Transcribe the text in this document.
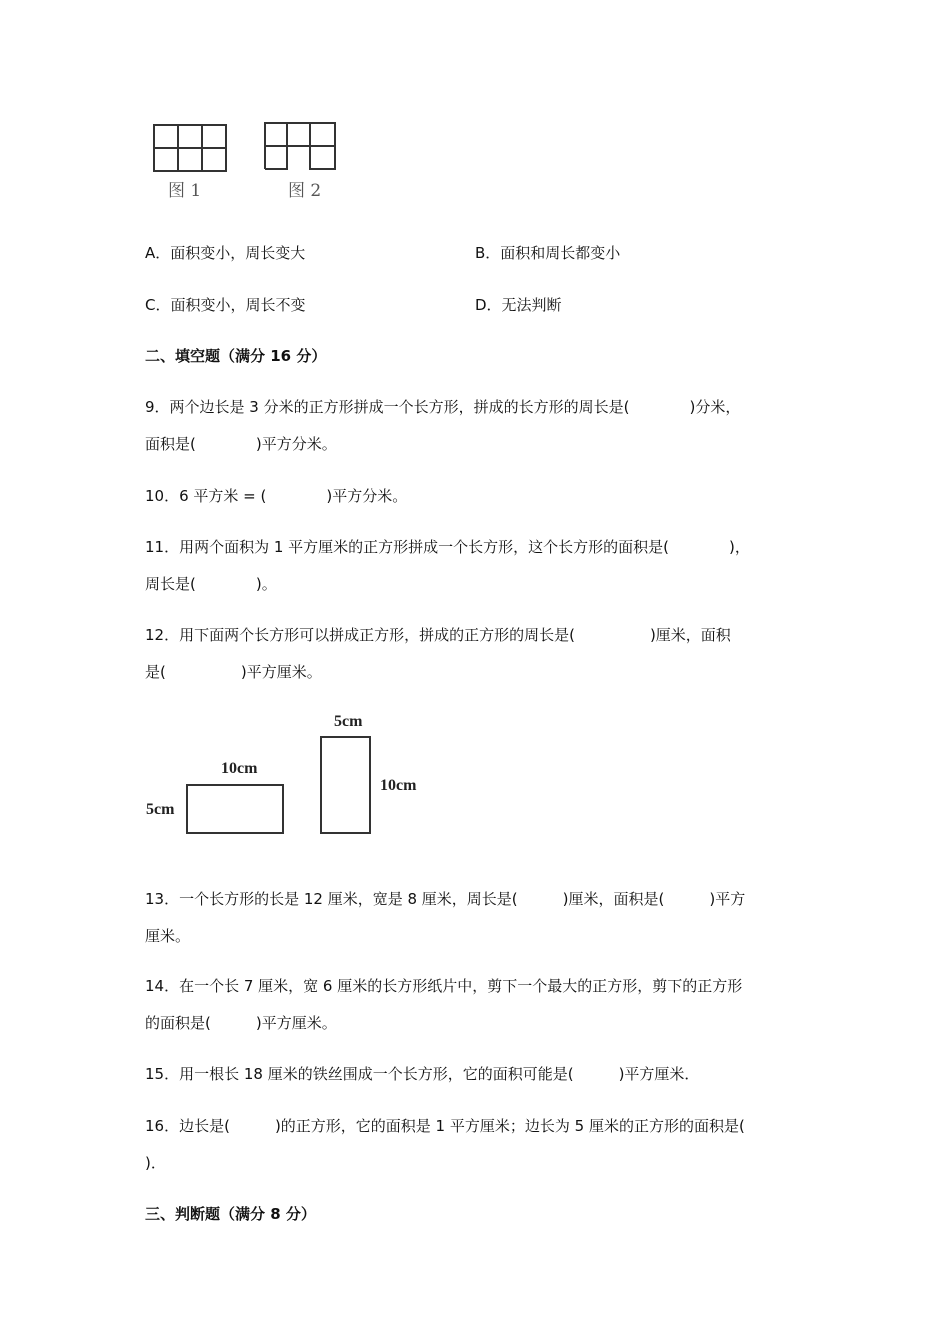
图 1	图 2
A．面积变小，周长变大	B．面积和周长都变小
C．面积变小，周长不变	D．无法判断
二、填空题（满分 16 分）
9．两个边长是 3 分米的正方形拼成一个长方形，拼成的长方形的周长是(　　　　)分米，
面积是(　　　　)平方分米。
10．6 平方米 = (　　　　)平方分米。
11．用两个面积为 1 平方厘米的正方形拼成一个长方形，这个长方形的面积是(　　　　)，
周长是(　　　　)。
12．用下面两个长方形可以拼成正方形，拼成的正方形的周长是(　　　　　)厘米，面积
是(　　　　　)平方厘米。
10cm
5cm
5cm
10cm
13．一个长方形的长是 12 厘米，宽是 8 厘米，周长是(　　　)厘米，面积是(　　　)平方
厘米。
14．在一个长 7 厘米，宽 6 厘米的长方形纸片中，剪下一个最大的正方形，剪下的正方形
的面积是(　　　)平方厘米。
15．用一根长 18 厘米的铁丝围成一个长方形，它的面积可能是(　　　)平方厘米．
16．边长是(　　　)的正方形，它的面积是 1 平方厘米；边长为 5 厘米的正方形的面积是(
)．
三、判断题（满分 8 分）
